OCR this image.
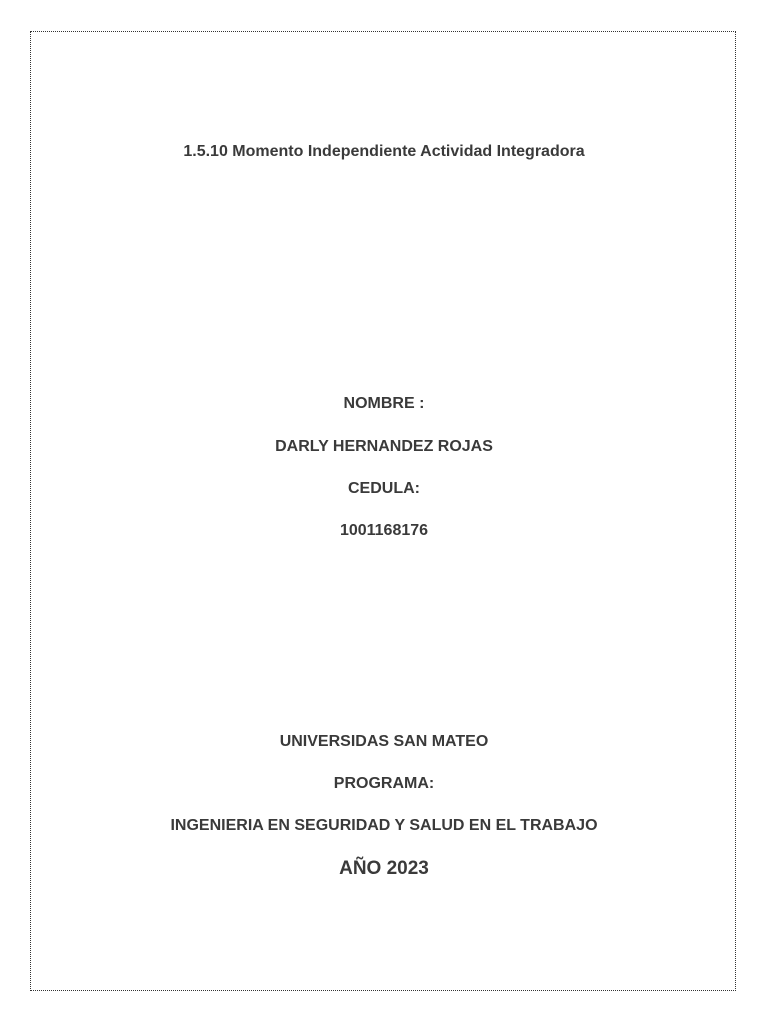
1.5.10 Momento Independiente Actividad Integradora
NOMBRE :
DARLY HERNANDEZ ROJAS
CEDULA:
1001168176
UNIVERSIDAS SAN MATEO
PROGRAMA:
INGENIERIA EN SEGURIDAD Y SALUD EN EL TRABAJO
AÑO 2023
